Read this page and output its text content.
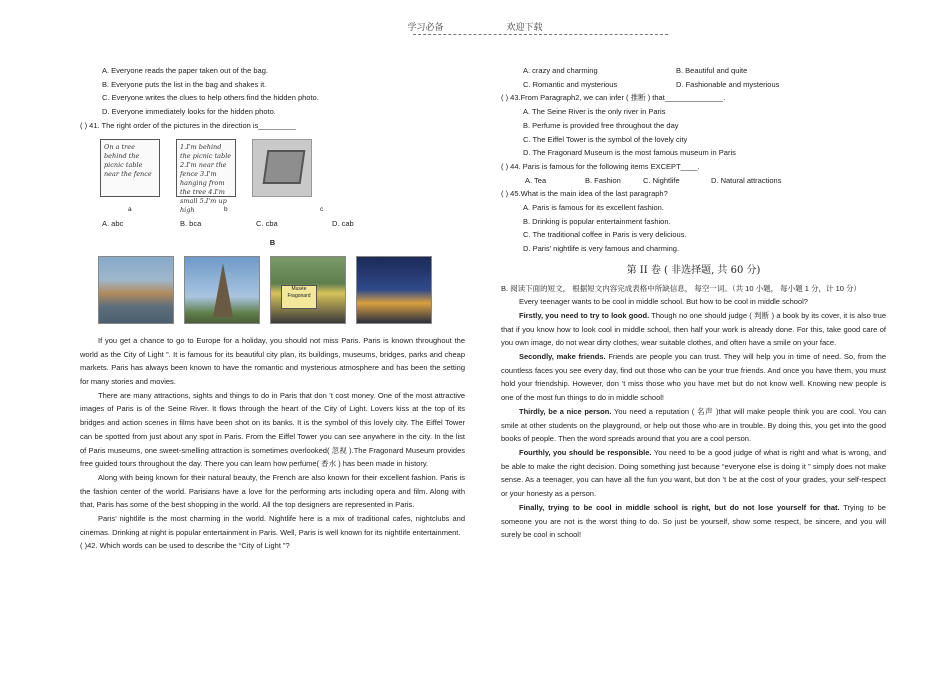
学习必备	欢迎下载

A. Everyone reads the paper taken out of the bag.

B. Everyone puts the list in the bag and shakes it.

C. Everyone writes the clues to help others find the hidden photo.

D. Everyone immediately looks for the hidden photo.

( ) 41. The right order of the pictures in the direction is_________

On a tree behind the picnic table near the fence
1.I'm behind the picnic table 2.I'm near the fence 3.I'm hanging from the tree 4.I'm small 5.I'm up high
a	b	c
A. abc	B. bca	C. cba	D. cab
B
Musée Fragonard

If you get a chance to go to Europe for a holiday, you should not miss Paris. Paris is known throughout the world as the City of Light ”. It is famous for its beautiful city plan, its buildings, museums, bridges, parks and cheap markets. Paris has always been known to have the romantic and mysterious atmosphere and has been the setting for many stories and movies.

There are many attractions, sights and things to do in Paris that don ’t cost money. One of the most attractive images of Paris is of the Seine River. It flows through the heart of the City of Light. Lovers kiss at the top of its bridges and action scenes in films have been shot on its banks. It is the symbol of this lovely city. The Eiffel Tower can be spotted from just about any spot in Paris. From the Eiffel Tower you can see anywhere in the city. In the list of Paris museums, one sweet-smelling attraction is sometimes overlooked( 忽视 ).The Fragonard Museum provides free guided tours throughout the day. There you can learn how perfume( 香水 ) has been made in history.

Along with being known for their natural beauty, the French are also known for their excellent fashion. Paris is the fashion center of the world. Parisians have a love for the performing arts including opera and film. Along with that, Paris has some of the best shopping in the world. All the top designers are represented in Paris.

Paris’ nightlife is the most charming in the world. Nightlife here is a mix of traditional cafes, nightclubs and cinemas. Drinking at night is popular entertainment in Paris. Well, Paris is well known for its nightlife entertainment.

( )42. Which words can be used to describe the “City of Light ”?

A. crazy and charming	B. Beautiful and quite
C. Romantic and mysterious	D. Fashionable and mysterious

( ) 43.From Paragraph2, we can infer ( 推断 ) that______________.

A. The Seine River is the only river in Paris

B. Perfume is provided free throughout the day

C. The Eiffel Tower is the symbol of the lovely city

D. The Fragonard Museum is the most famous museum in Paris

( ) 44. Paris is famous for the following items EXCEPT____.

A. Tea	B. Fashion	C. Nightlife	D. Natural attractions

( ) 45.What is the main idea of the last paragraph?

A. Paris is famous for its excellent fashion.

B. Drinking is popular entertainment fashion.

C. The traditional coffee in Paris is very delicious.

D. Paris’ nightlife is very famous and charming.

第 II 卷 ( 非选择题, 共 60 分)

B. 阅读下面的短文， 根据短文内容完成表格中所缺信息， 每空一词。（共 10 小题， 每小题 1 分，计 10 分）

Every teenager wants to be cool in middle school. But how to be cool in middle school?

Firstly, you need to try to look good. Though no one should judge ( 判断 ) a book by its cover, it is also true that if you know how to look cool in middle school, then half your work is already done. For this, take good care of you own image, do not wear dirty clothes, wear suitable clothes, and often have a smile on your face.

Secondly, make friends. Friends are people you can trust. They will help you in time of need. So, from the countless faces you see every day, find out those who can be your true friends. And once you have them, you must hold your friendship. However, don ’t miss those who you have met but do not know well. Knowing new people is one of the most fun things to do in middle school!

Thirdly, be a nice person. You need a reputation ( 名声 )that will make people think you are cool. You can smile at other students on the playground, or help out those who are in trouble. By doing this, you get into the good books of people. Then the word spreads around that you are a cool person.

Fourthly, you should be responsible. You need to be a good judge of what is right and what is wrong, and be able to make the right decision. Doing something just because “everyone else is doing it ” simply does not make sense. As a teenager, you can have all the fun you want, but don ’t be at the cost of your grades, your self-respect or your honesty as a person.

Finally, trying to be cool in middle school is right, but do not lose yourself for that. Trying to be someone you are not is the worst thing to do. So just be yourself, show some respect, be sincere, and you will surely be cool in school!
